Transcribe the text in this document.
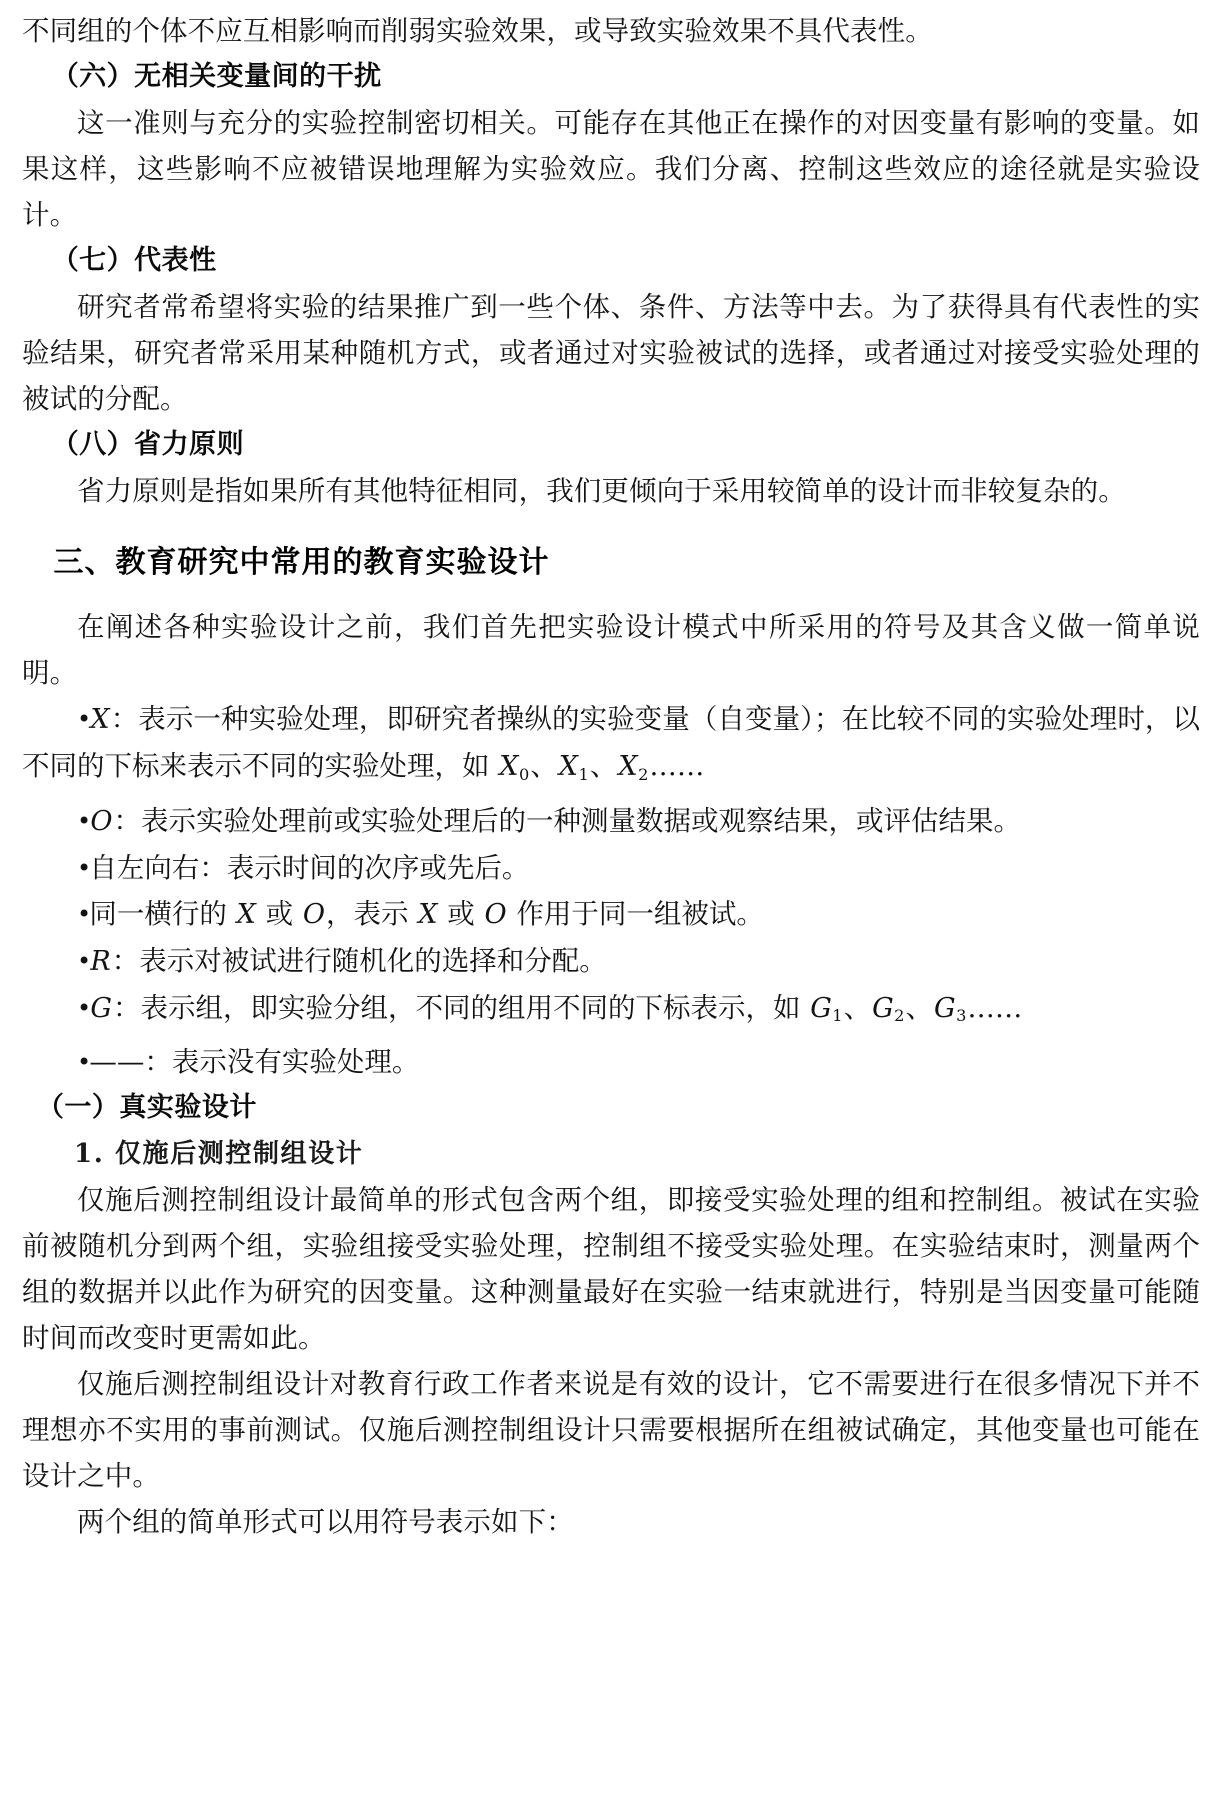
不同组的个体不应互相影响而削弱实验效果，或导致实验效果不具代表性。

（六）无相关变量间的干扰

这一准则与充分的实验控制密切相关。可能存在其他正在操作的对因变量有影响的变量。如果这样，这些影响不应被错误地理解为实验效应。我们分离、控制这些效应的途径就是实验设计。

（七）代表性

研究者常希望将实验的结果推广到一些个体、条件、方法等中去。为了获得具有代表性的实验结果，研究者常采用某种随机方式，或者通过对实验被试的选择，或者通过对接受实验处理的被试的分配。

（八）省力原则

省力原则是指如果所有其他特征相同，我们更倾向于采用较简单的设计而非较复杂的。

三、教育研究中常用的教育实验设计

在阐述各种实验设计之前，我们首先把实验设计模式中所采用的符号及其含义做一简单说明。

• X：表示一种实验处理，即研究者操纵的实验变量（自变量）；在比较不同的实验处理时，以不同的下标来表示不同的实验处理，如 $X_0$、$X_1$、$X_2\dots\dots$
• O：表示实验处理前或实验处理后的一种测量数据或观察结果，或评估结果。
•
自左向右：表示时间的次序或先后。
•
同一横行的 X 或 O，表示 X 或 O 作用于同一组被试。
• R：表示对被试进行随机化的选择和分配。
• G：表示组，即实验分组，不同的组用不同的下标表示，如 $G_1$、$G_2$、$G_3\dots\dots$
•
——：表示没有实验处理。
（一）真实验设计
1. 仅施后测控制组设计

仅施后测控制组设计最简单的形式包含两个组，即接受实验处理的组和控制组。被试在实验前被随机分到两个组，实验组接受实验处理，控制组不接受实验处理。在实验结束时，测量两个组的数据并以此作为研究的因变量。这种测量最好在实验一结束就进行，特别是当因变量可能随时间而改变时更需如此。

仅施后测控制组设计对教育行政工作者来说是有效的设计，它不需要进行在很多情况下并不理想亦不实用的事前测试。仅施后测控制组设计只需要根据所在组被试确定，其他变量也可能在设计之中。

两个组的简单形式可以用符号表示如下：
